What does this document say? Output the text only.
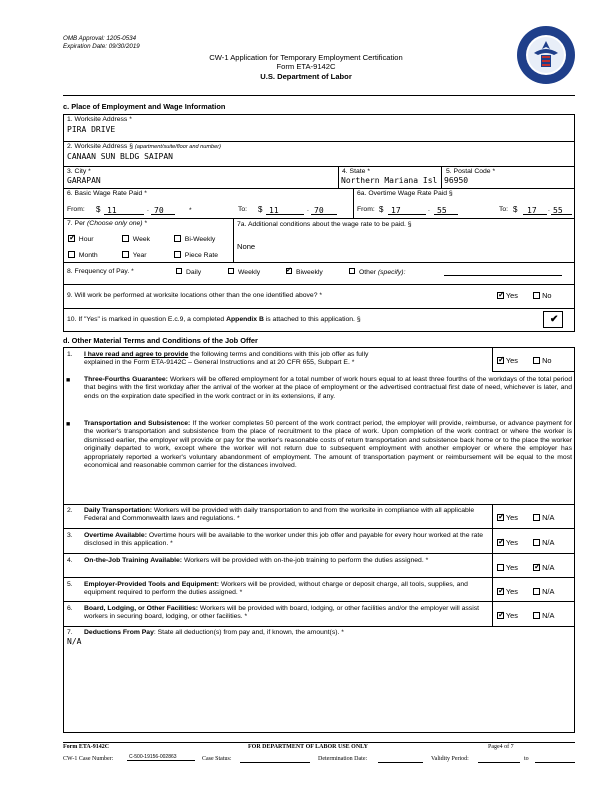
OMB Approval: 1205-0534
Expiration Date: 09/30/2019
CW-1 Application for Temporary Employment Certification
Form ETA-9142C
U.S. Department of Labor
c. Place of Employment and Wage Information
1. Worksite Address *
PIRA DRIVE
2. Worksite Address § (apartment/suite/floor and number)
CANAAN SUN BLDG SAIPAN
3. City *
GARAPAN
4. State *
Northern Mariana Isl
5. Postal Code *
96950
6. Basic Wage Rate Paid *	6a. Overtime Wage Rate Paid §
From: $ 11	. 70	*	To: $ 11	. 70	From: $ 17	. 55	To: $ 17 . 55
7. Per (Choose only one) *
✓  Hour	Week	Bi-Weekly
Month	Year	Piece Rate
7a. Additional conditions about the wage rate to be paid. §
None
8. Frequency of Pay. *	Daily	Weekly ✓	Biweekly	Other (specify):
9. Will work be performed at worksite locations other than the one identified above? * ✓	Yes	No
10. If "Yes" is marked in question E.c.9, a completed Appendix B is attached to this application. §	✔
d. Other Material Terms and Conditions of the Job Offer
1. I have read and agree to provide the following terms and conditions with this job offer as fully
explained in the Form ETA-9142C – General Instructions and at 20 CFR 655, Subpart E. * ✓	Yes	No
■ Three-Fourths Guarantee: Workers will be offered employment for a total number of work hours equal to at least three fourths of the workdays of the total period that begins with the first workday after the arrival of the worker at the place of employment or the advertised contractual first date of need, whichever is later, and ends on the expiration date specified in the work contract or in its extensions, if any.
■ Transportation and Subsistence: If the worker completes 50 percent of the work contract period, the employer will provide, reimburse, or advance payment for the worker's transportation and subsistence from the place of recruitment to the place of work. Upon completion of the work contract or where the worker is dismissed earlier, the employer will provide or pay for the worker's reasonable costs of return transportation and subsistence back home or to the place the worker originally departed to work, except where the worker will not return due to subsequent employment with another employer or where the employer has appropriately reported a worker's voluntary abandonment of employment. The amount of transportation payment or reimbursement will be equal to the most economical and reasonable common carrier for the distances involved.
2. Daily Transportation: Workers will be provided with daily transportation to and from the worksite in compliance with all applicable Federal and Commonwealth laws and regulations. * ✓	Yes	N/A
3. Overtime Available: Overtime hours will be available to the worker under this job offer and payable for every hour worked at the rate disclosed in this application. * ✓	Yes	N/A
4. On-the-Job Training Available: Workers will be provided with on-the-job training to perform the duties assigned. *
Yes ✓	N/A
5. Employer-Provided Tools and Equipment: Workers will be provided, without charge or deposit charge, all tools, supplies, and equipment required to perform the duties assigned. * ✓	Yes	N/A
6. Board, Lodging, or Other Facilities: Workers will be provided with board, lodging, or other facilities and/or the employer will assist workers in securing board, lodging, or other facilities. * ✓	Yes	N/A
7. Deductions From Pay: State all deduction(s) from pay and, if known, the amount(s). *
N/A
Form ETA-9142C	FOR DEPARTMENT OF LABOR USE ONLY	Page4 of 7
CW-1 Case Number:	C-500-19156-002863	Case Status:	Determination Date:	Validity Period:	to
